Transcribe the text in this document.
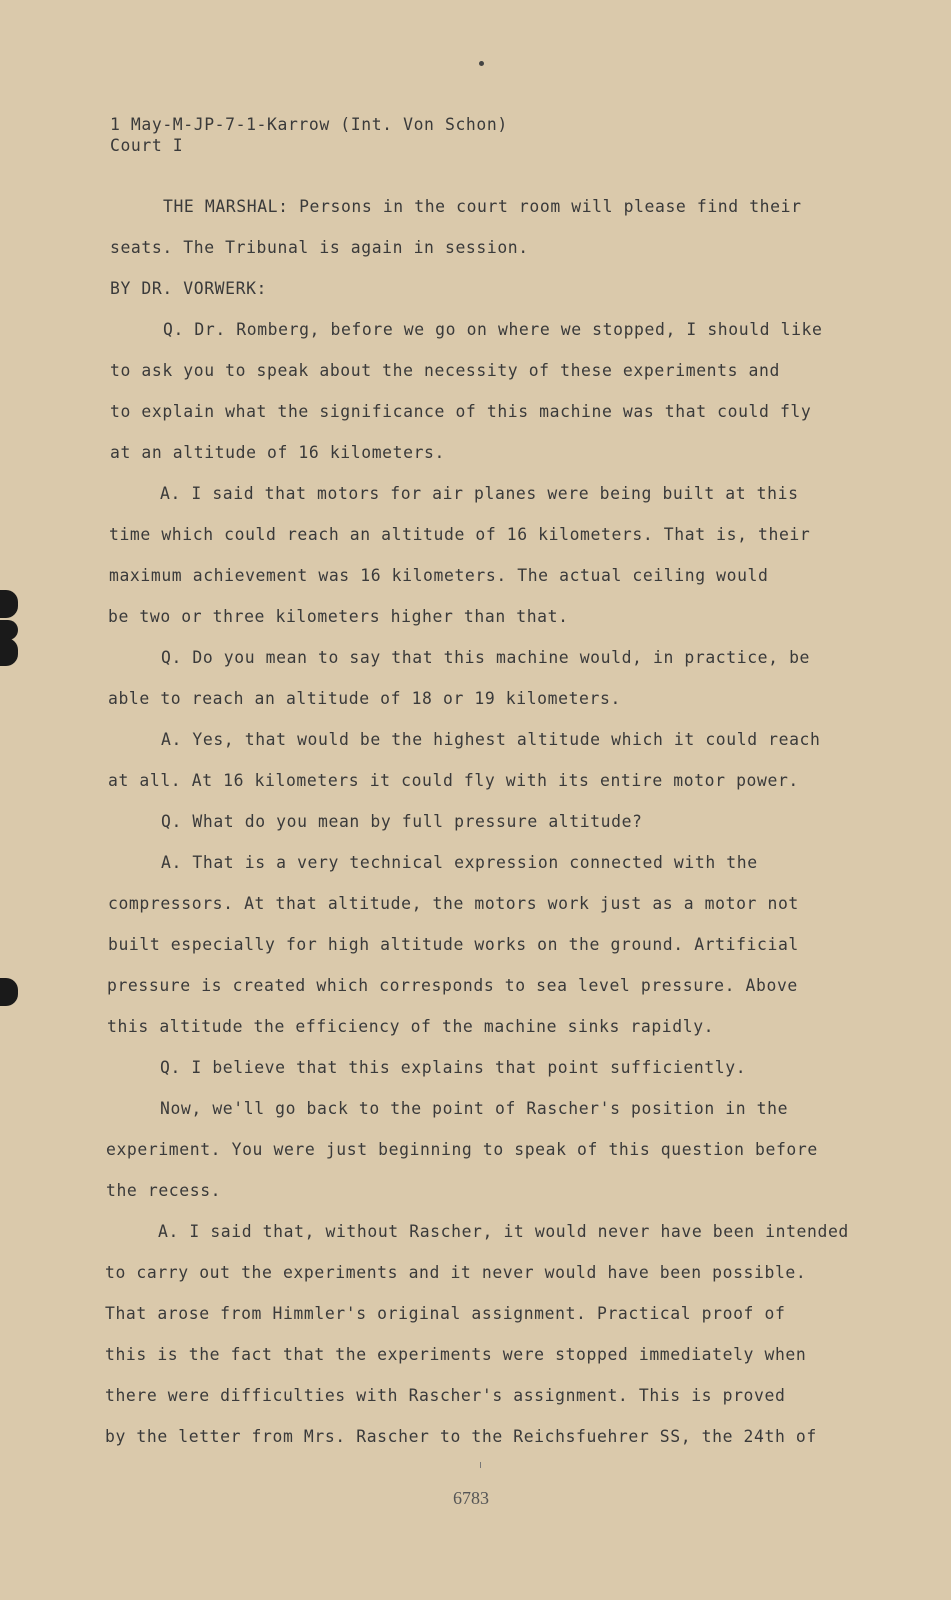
1 May-M-JP-7-1-Karrow (Int. Von Schon)
Court I
THE MARSHAL: Persons in the court room will please find their
seats. The Tribunal is again in session.
BY DR. VORWERK:
Q. Dr. Romberg, before we go on where we stopped, I should like
to ask you to speak about the necessity of these experiments and
to explain what the significance of this machine was that could fly
at an altitude of 16 kilometers.
A. I said that motors for air planes were being built at this
time which could reach an altitude of 16 kilometers. That is, their
maximum achievement was 16 kilometers. The actual ceiling would
be two or three kilometers higher than that.
Q. Do you mean to say that this machine would, in practice, be
able to reach an altitude of 18 or 19 kilometers.
A. Yes, that would be the highest altitude which it could reach
at all. At 16 kilometers it could fly with its entire motor power.
Q. What do you mean by full pressure altitude?
A. That is a very technical expression connected with the
compressors. At that altitude, the motors work just as a motor not
built especially for high altitude works on the ground. Artificial
pressure is created which corresponds to sea level pressure. Above
this altitude the efficiency of the machine sinks rapidly.
Q. I believe that this explains that point sufficiently.
Now, we'll go back to the point of Rascher's position in the
experiment. You were just beginning to speak of this question before
the recess.
A. I said that, without Rascher, it would never have been intended
to carry out the experiments and it never would have been possible.
That arose from Himmler's original assignment. Practical proof of
this is the fact that the experiments were stopped immediately when
there were difficulties with Rascher's assignment. This is proved
by the letter from Mrs. Rascher to the Reichsfuehrer SS, the 24th of
6783
